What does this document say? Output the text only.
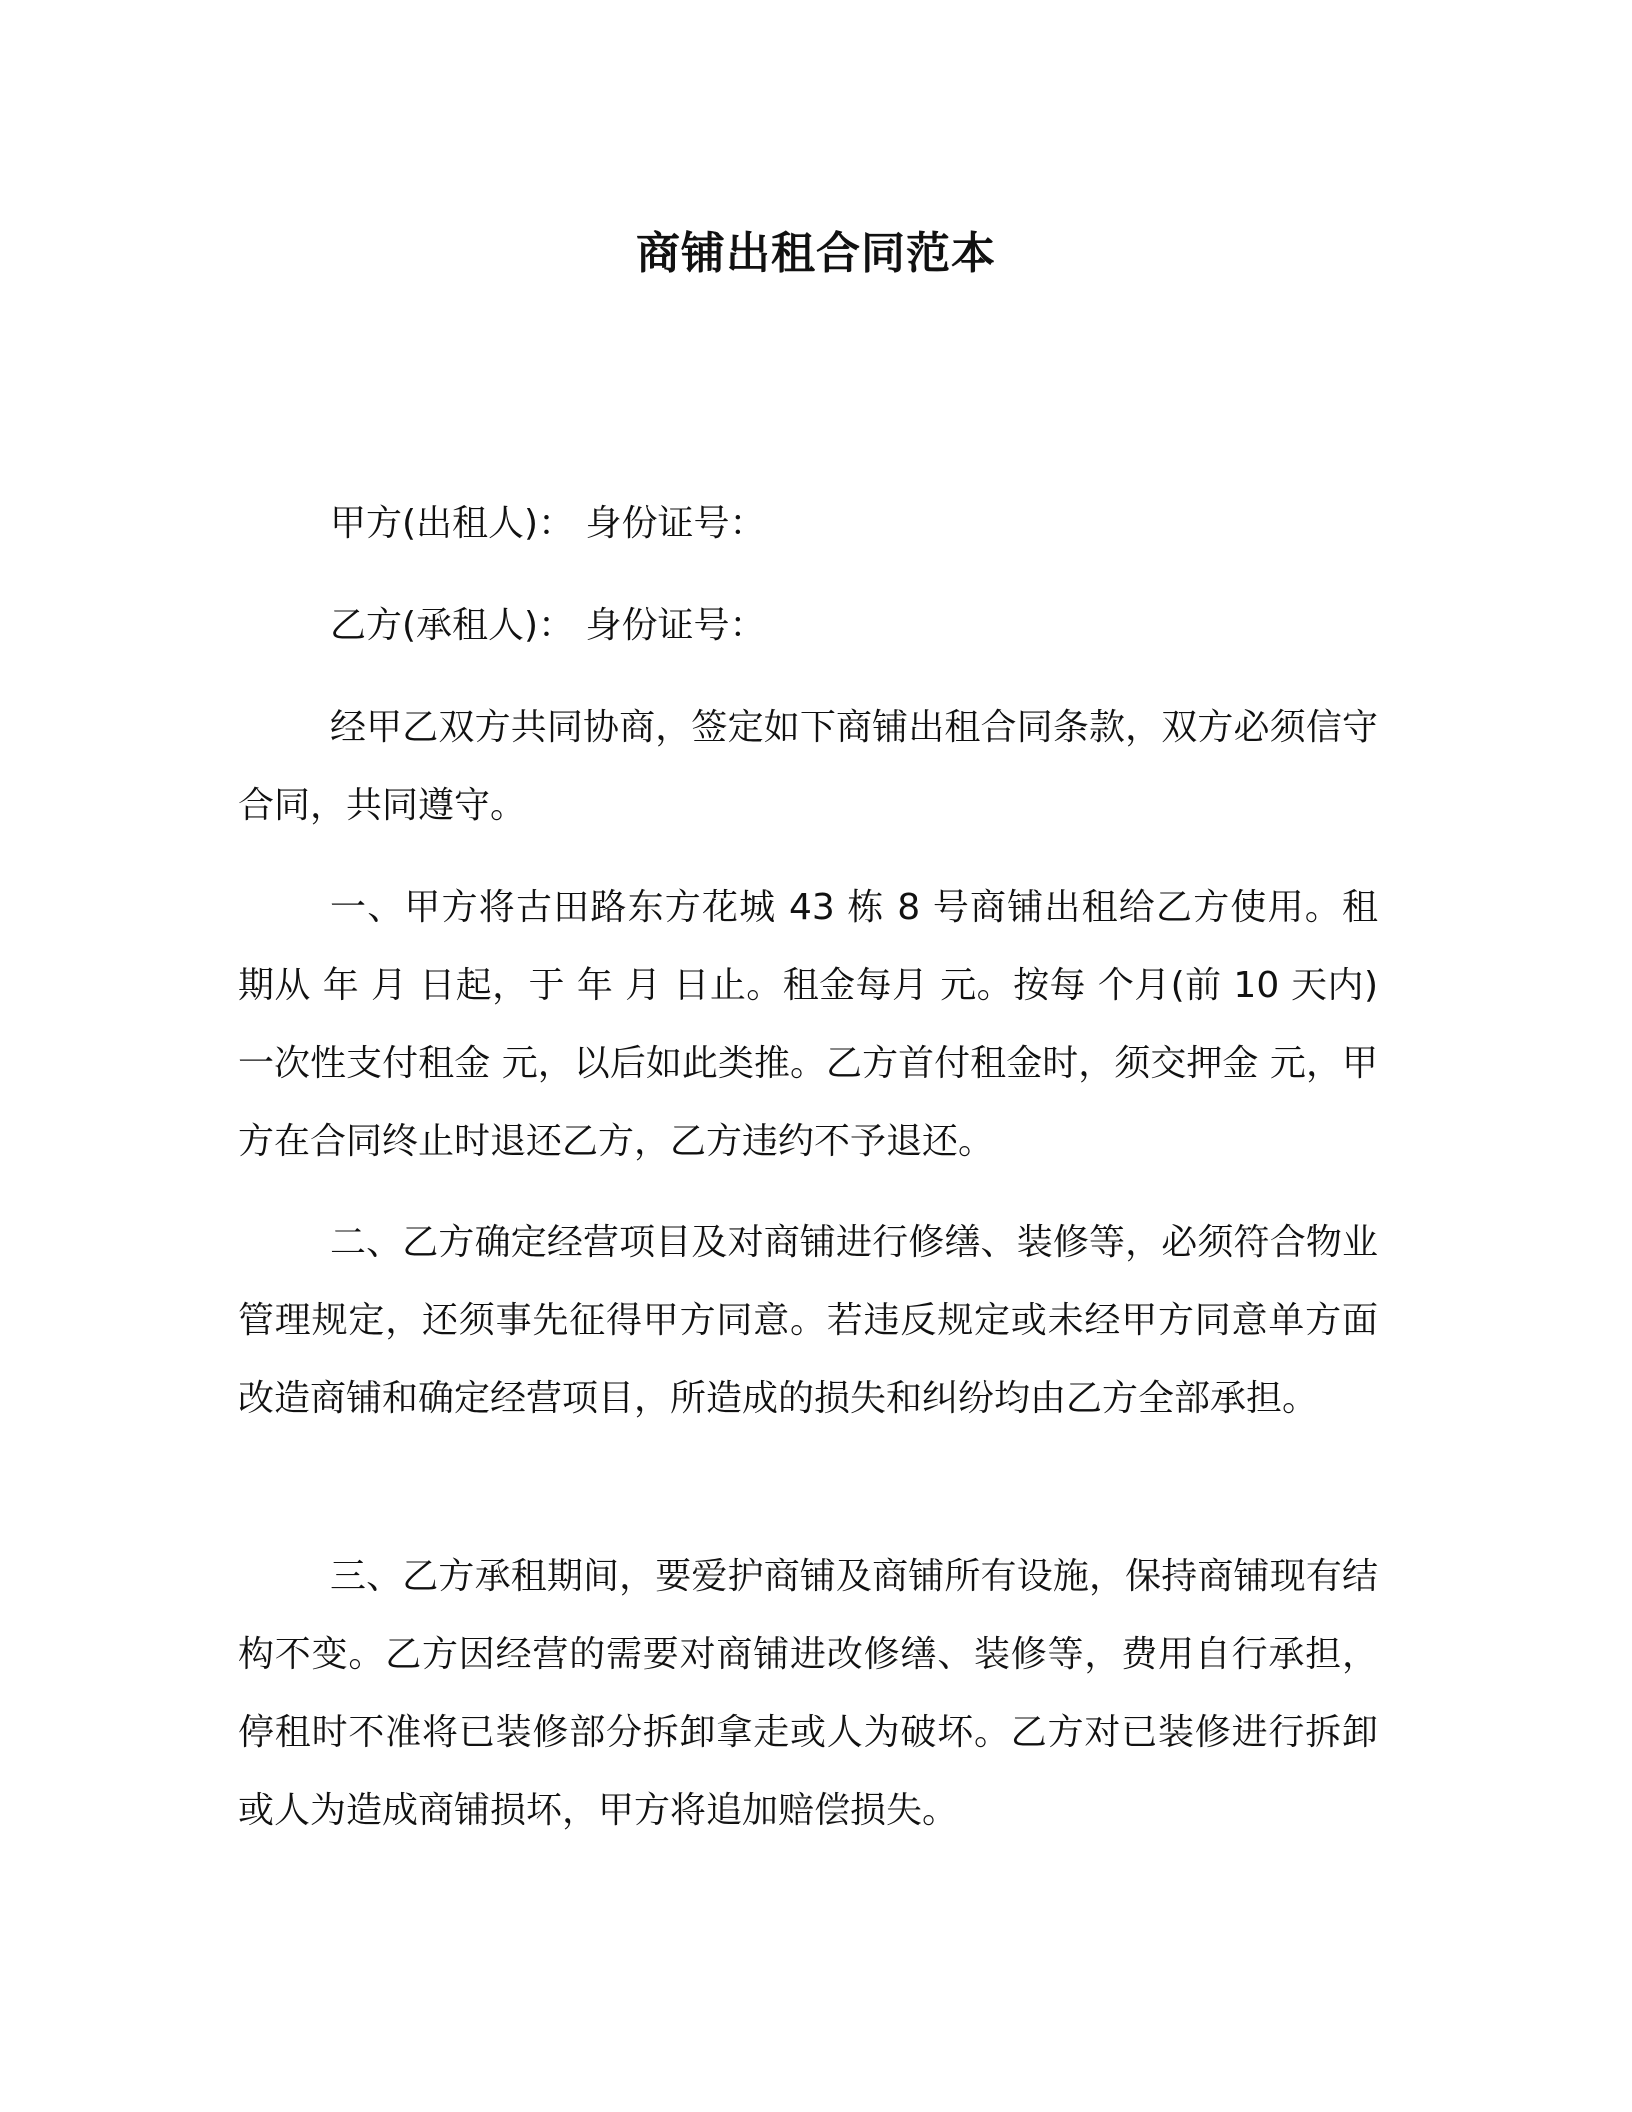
商铺出租合同范本

甲方(出租人)： 身份证号：

乙方(承租人)： 身份证号：

经甲乙双方共同协商，签定如下商铺出租合同条款，双方必须信守合同，共同遵守。

一、甲方将古田路东方花城 43 栋 8 号商铺出租给乙方使用。租期从 年 月 日起，于 年 月 日止。租金每月 元。按每 个月(前 10 天内)一次性支付租金 元，以后如此类推。乙方首付租金时，须交押金 元，甲方在合同终止时退还乙方，乙方违约不予退还。

二、乙方确定经营项目及对商铺进行修缮、装修等，必须符合物业管理规定，还须事先征得甲方同意。若违反规定或未经甲方同意单方面改造商铺和确定经营项目，所造成的损失和纠纷均由乙方全部承担。

三、乙方承租期间，要爱护商铺及商铺所有设施，保持商铺现有结构不变。乙方因经营的需要对商铺进改修缮、装修等，费用自行承担，停租时不准将已装修部分拆卸拿走或人为破坏。乙方对已装修进行拆卸或人为造成商铺损坏，甲方将追加赔偿损失。
